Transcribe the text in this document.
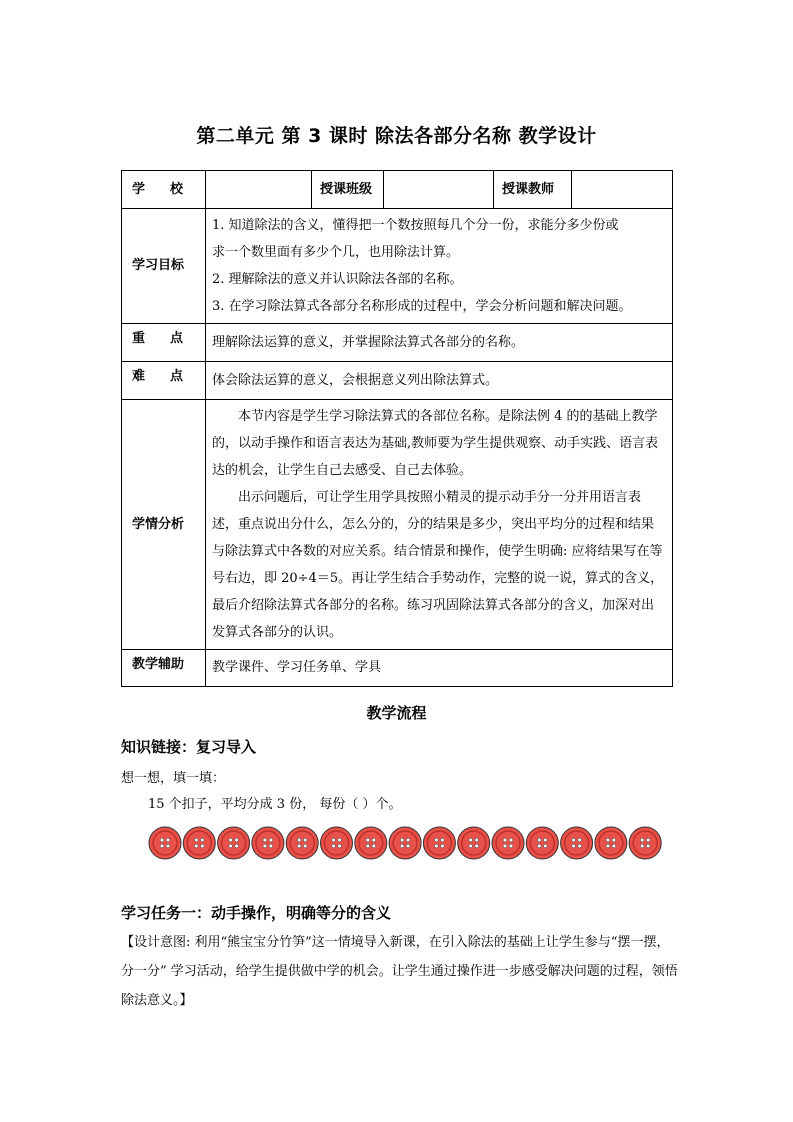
第二单元 第 3 课时 除法各部分名称 教学设计
学 校		授课班级		授课教师	
学习目标	1. 知道除法的含义，懂得把一个数按照每几个分一份，求能分多少份或
求一个数里面有多少个几，也用除法计算。
2. 理解除法的意义并认识除法各部的名称。
3. 在学习除法算式各部分名称形成的过程中，学会分析问题和解决问题。				

重 点	理解除法运算的意义，并掌握除法算式各部分的名称。				
难 点	体会除法运算的意义，会根据意义列出除法算式。				
学情分析	本节内容是学生学习除法算式的各部位名称。是除法例 4 的的基础上教学的，以动手操作和语言表达为基础,教师要为学生提供观察、动手实践、语言表达的机会，让学生自己去感受、自己去体验。
出示问题后，可让学生用学具按照小精灵的提示动手分一分并用语言表述，重点说出分什么，怎么分的，分的结果是多少，突出平均分的过程和结果与除法算式中各数的对应关系。结合情景和操作，使学生明确: 应将结果写在等号右边，即 20÷4＝5。再让学生结合手势动作，完整的说一说，算式的含义，最后介绍除法算式各部分的名称。练习巩固除法算式各部分的含义，加深对出发算式各部分的认识。				

教学辅助	教学课件、学习任务单、学具				
教学流程
知识链接：复习导入
想一想，填一填：
15 个扣子，平均分成 3 份， 每份（ ）个。
学习任务一：动手操作，明确等分的含义
【设计意图: 利用“熊宝宝分竹笋”这一情境导入新课，在引入除法的基础上让学生参与“摆一摆，分一分” 学习活动，给学生提供做中学的机会。让学生通过操作进一步感受解决问题的过程，领悟除法意义。】
